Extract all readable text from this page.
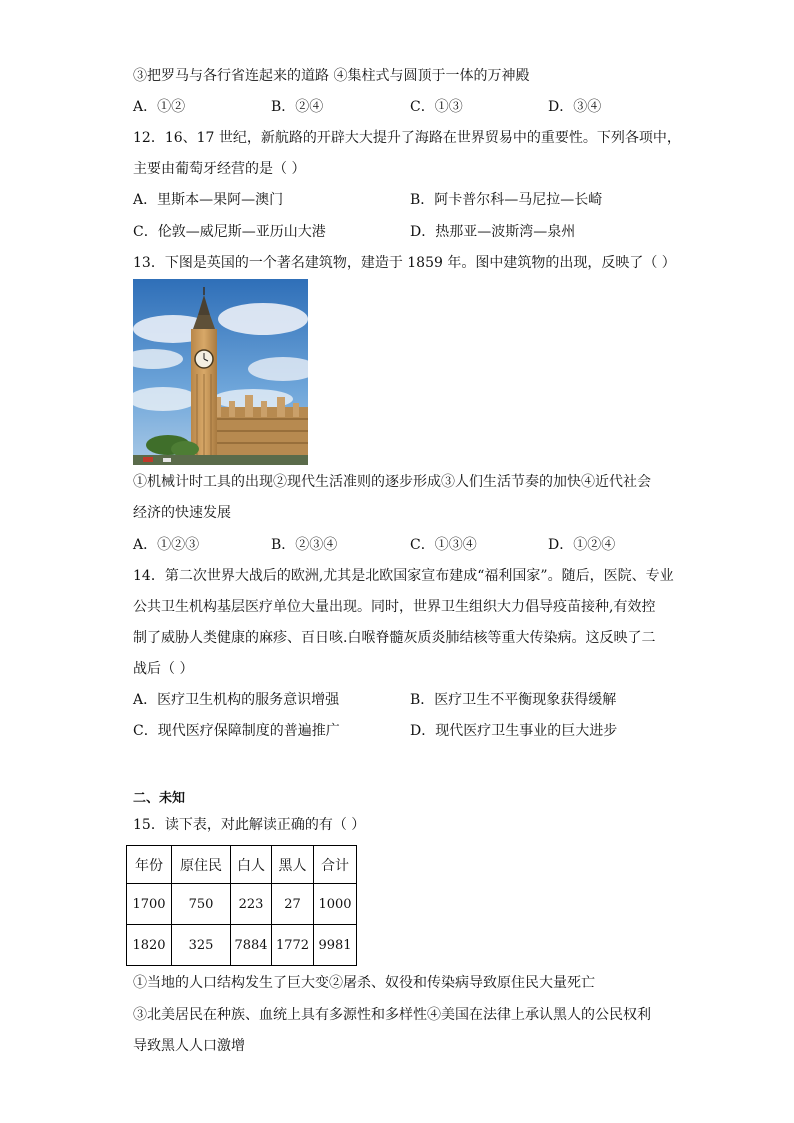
③把罗马与各行省连起来的道路 ④集柱式与圆顶于一体的万神殿
A．①②	B．②④	C．①③	D．③④
12．16、17 世纪，新航路的开辟大大提升了海路在世界贸易中的重要性。下列各项中，
主要由葡萄牙经营的是（ ）
A．里斯本—果阿—澳门	B．阿卡普尔科—马尼拉—长崎
C．伦敦—威尼斯—亚历山大港	D．热那亚—波斯湾—泉州
13．下图是英国的一个著名建筑物，建造于 1859 年。图中建筑物的出现，反映了（ ）
①机械计时工具的出现②现代生活准则的逐步形成③人们生活节奏的加快④近代社会
经济的快速发展
A．①②③	B．②③④	C．①③④	D．①②④
14．第二次世界大战后的欧洲,尤其是北欧国家宣布建成“福利国家”。随后，医院、专业
公共卫生机构基层医疗单位大量出现。同时，世界卫生组织大力倡导疫苗接种,有效控
制了威胁人类健康的麻疹、百日咳.白喉脊髓灰质炎肺结核等重大传染病。这反映了二
战后（ ）
A．医疗卫生机构的服务意识增强	B．医疗卫生不平衡现象获得缓解
C．现代医疗保障制度的普遍推广	D．现代医疗卫生事业的巨大进步
二、未知
15．读下表，对此解读正确的有（ ）
年份	原住民	白人	黑人	合计
1700	750	223	27	1000
1820	325	7884	1772	9981
①当地的人口结构发生了巨大变②屠杀、奴役和传染病导致原住民大量死亡
③北美居民在种族、血统上具有多源性和多样性④美国在法律上承认黑人的公民权利
导致黑人人口激增
